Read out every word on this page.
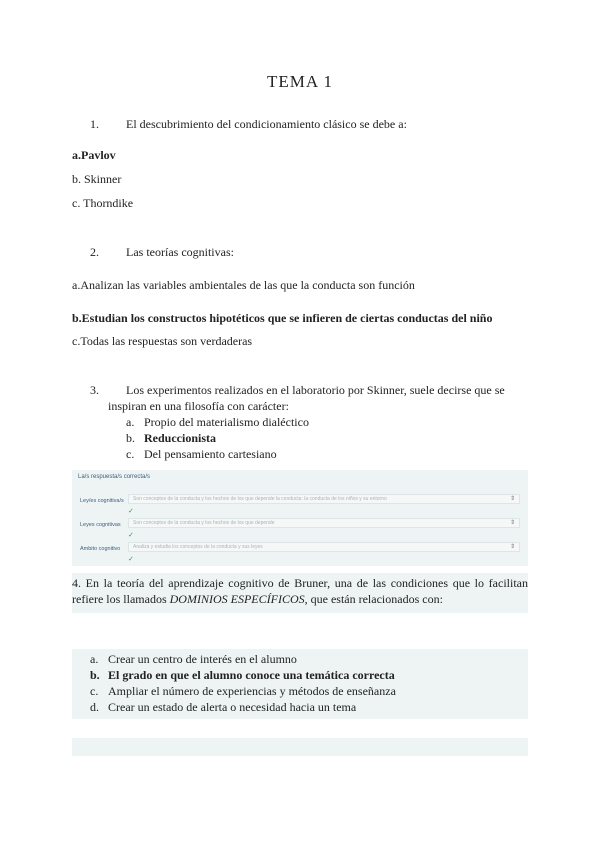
TEMA 1
1. El descubrimiento del condicionamiento clásico se debe a:
a.Pavlov
b. Skinner
c. Thorndike
2. Las teorías cognitivas:
a.Analizan las variables ambientales de las que la conducta son función
b.Estudian los constructos hipotéticos que se infieren de ciertas conductas del niño
c.Todas las respuestas son verdaderas
3. Los experimentos realizados en el laboratorio por Skinner, suele decirse que se
inspiran en una filosofía con carácter:
a. Propio del materialismo dialéctico
b. Reduccionista
c. Del pensamiento cartesiano
La/s respuesta/s correcta/s
Ley/es cognitiva/s	Son conceptos de la conducta y los hechos de los que depende la conducta: la conducta de los niños y su entorno	⇕
✓
Leyes cognitivas	Son conceptos de la conducta y los hechos de los que depende	⇕
✓
Ambito cognitivo	Analiza y estudia los conceptos de la conducta y sus leyes	⇕
✓
4. En la teoría del aprendizaje cognitivo de Bruner, una de las condiciones que lo facilitan refiere los llamados DOMINIOS ESPECÍFICOS, que están relacionados con:
a. Crear un centro de interés en el alumno
b. El grado en que el alumno conoce una temática correcta
c. Ampliar el número de experiencias y métodos de enseñanza
d. Crear un estado de alerta o necesidad hacia un tema
